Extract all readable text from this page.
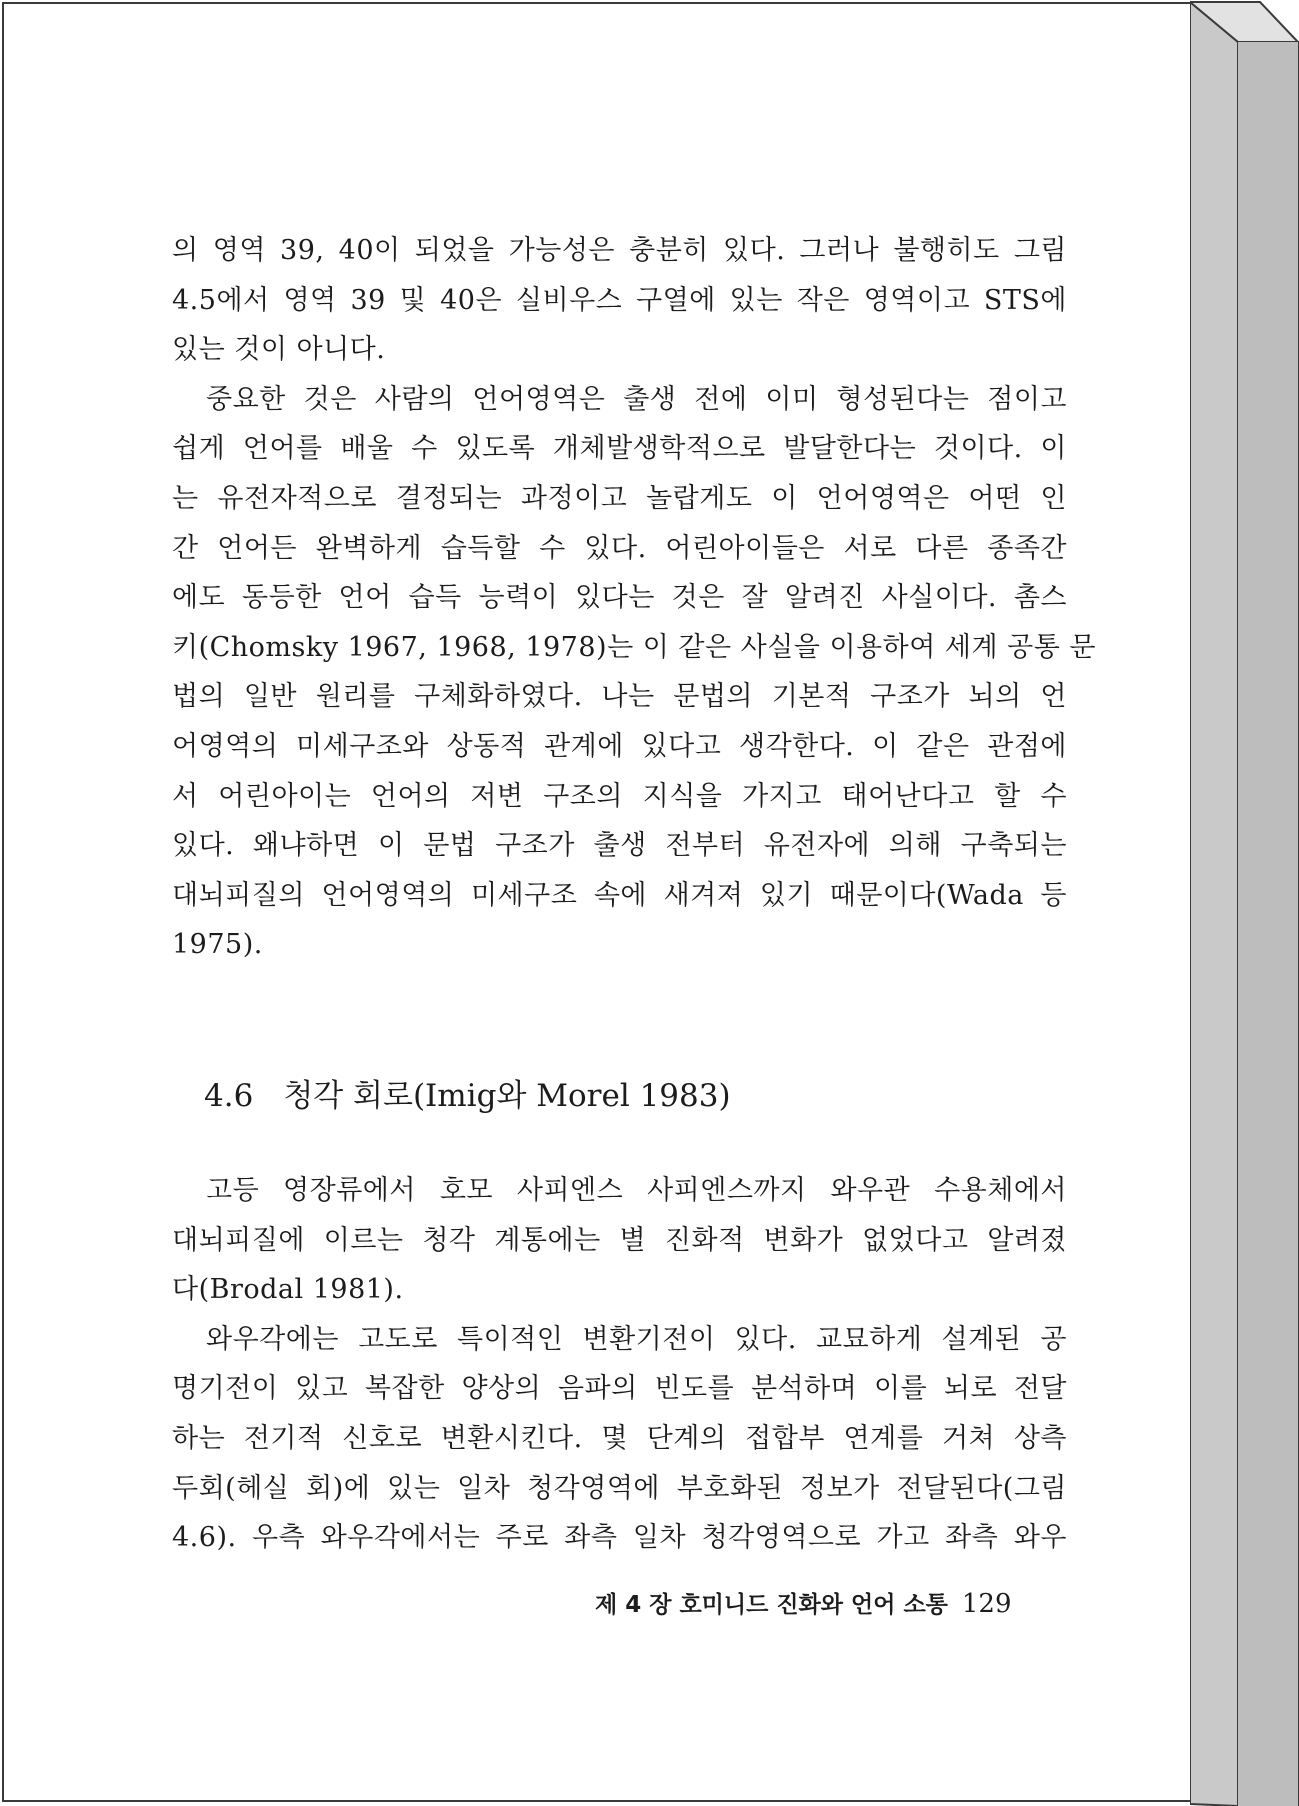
의 영역 39, 40이 되었을 가능성은 충분히 있다. 그러나 불행히도 그림
4.5에서 영역 39 및 40은 실비우스 구열에 있는 작은 영역이고 STS에
있는 것이 아니다.

중요한 것은 사람의 언어영역은 출생 전에 이미 형성된다는 점이고
쉽게 언어를 배울 수 있도록 개체발생학적으로 발달한다는 것이다. 이
는 유전자적으로 결정되는 과정이고 놀랍게도 이 언어영역은 어떤 인
간 언어든 완벽하게 습득할 수 있다. 어린아이들은 서로 다른 종족간
에도 동등한 언어 습득 능력이 있다는 것은 잘 알려진 사실이다. 촘스
키(Chomsky 1967, 1968, 1978)는 이 같은 사실을 이용하여 세계 공통 문
법의 일반 원리를 구체화하였다. 나는 문법의 기본적 구조가 뇌의 언
어영역의 미세구조와 상동적 관계에 있다고 생각한다. 이 같은 관점에
서 어린아이는 언어의 저변 구조의 지식을 가지고 태어난다고 할 수
있다. 왜냐하면 이 문법 구조가 출생 전부터 유전자에 의해 구축되는
대뇌피질의 언어영역의 미세구조 속에 새겨져 있기 때문이다(Wada 등
1975).

4.6 청각 회로(Imig와 Morel 1983)

고등 영장류에서 호모 사피엔스 사피엔스까지 와우관 수용체에서
대뇌피질에 이르는 청각 계통에는 별 진화적 변화가 없었다고 알려졌
다(Brodal 1981).

와우각에는 고도로 특이적인 변환기전이 있다. 교묘하게 설계된 공
명기전이 있고 복잡한 양상의 음파의 빈도를 분석하며 이를 뇌로 전달
하는 전기적 신호로 변환시킨다. 몇 단계의 접합부 연계를 거쳐 상측
두회(헤실 회)에 있는 일차 청각영역에 부호화된 정보가 전달된다(그림
4.6). 우측 와우각에서는 주로 좌측 일차 청각영역으로 가고 좌측 와우

제 4 장 호미니드 진화와 언어 소통 129
